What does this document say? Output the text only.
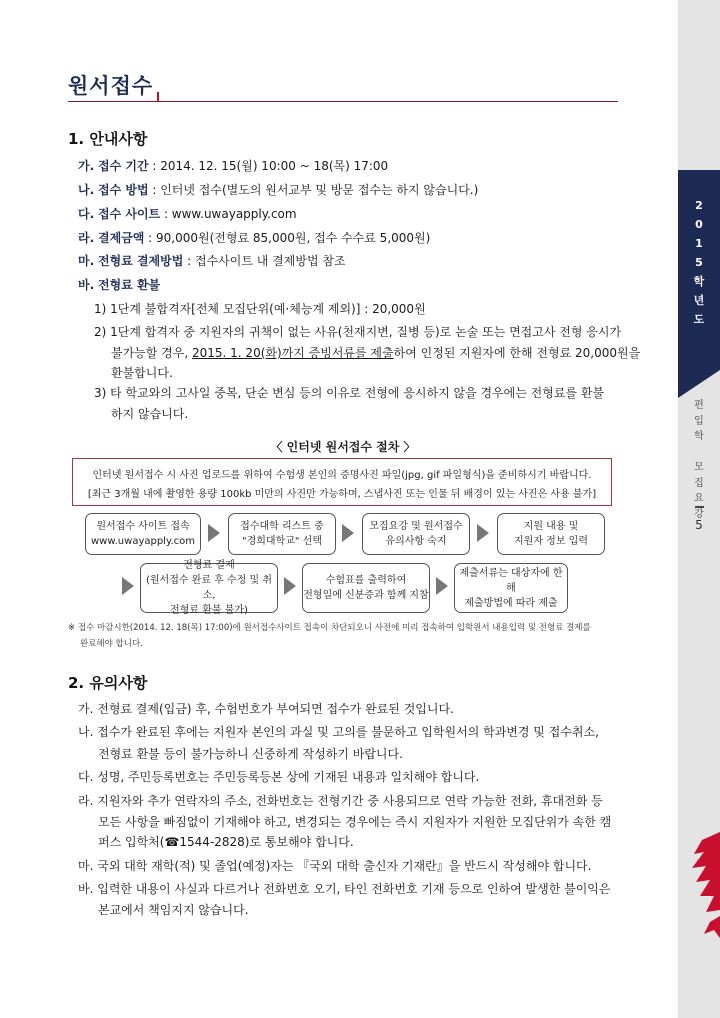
2
0
1
5
학
년
도
편
입
학

모
집
요
강
5
원서접수
1. 안내사항
가. 접수 기간 : 2014. 12. 15(월) 10:00 ~ 18(목) 17:00
나. 접수 방법 : 인터넷 접수(별도의 원서교부 및 방문 접수는 하지 않습니다.)
다. 접수 사이트 : www.uwayapply.com
라. 결제금액 : 90,000원(전형료 85,000원, 접수 수수료 5,000원)
마. 전형료 결제방법 : 접수사이트 내 결제방법 참조
바. 전형료 환불
1) 1단계 불합격자[전체 모집단위(예·체능계 제외)] : 20,000원
2) 1단계 합격자 중 지원자의 귀책이 없는 사유(천재지변, 질병 등)로 논술 또는 면접고사 전형 응시가
불가능할 경우, 2015. 1. 20(화)까지 증빙서류를 제출하여 인정된 지원자에 한해 전형료 20,000원을
환불합니다.
3) 타 학교와의 고사일 중복, 단순 변심 등의 이유로 전형에 응시하지 않을 경우에는 전형료를 환불
하지 않습니다.
〈 인터넷 원서접수 절차 〉
인터넷 원서접수 시 사진 업로드를 위하여 수험생 본인의 증명사진 파일(jpg, gif 파일형식)을 준비하시기 바랍니다.
[최근 3개월 내에 촬영한 용량 100kb 미만의 사진만 가능하며, 스냅사진 또는 인물 뒤 배경이 있는 사진은 사용 불가]
원서접수 사이트 접속
www.uwayapply.com
접수대학 리스트 중
"경희대학교" 선택
모집요강 및 원서접수
유의사항 숙지
지원 내용 및
지원자 정보 입력
전형료 결제
(원서접수 완료 후 수정 및 취소,
전형료 환불 불가)
수험표를 출력하여
전형일에 신분증과 함께 지참
제출서류는 대상자에 한해
제출방법에 따라 제출
※ 접수 마감시한(2014. 12. 18(목) 17:00)에 원서접수사이트 접속이 차단되오니 사전에 미리 접속하여 입학원서 내용입력 및 전형료 결제를
완료해야 합니다.
2. 유의사항
가. 전형료 결제(입금) 후, 수험번호가 부여되면 접수가 완료된 것입니다.
나. 접수가 완료된 후에는 지원자 본인의 과실 및 고의를 불문하고 입학원서의 학과변경 및 접수취소,
전형료 환불 등이 불가능하니 신중하게 작성하기 바랍니다.
다. 성명, 주민등록번호는 주민등록등본 상에 기재된 내용과 일치해야 합니다.
라. 지원자와 추가 연락자의 주소, 전화번호는 전형기간 중 사용되므로 연락 가능한 전화, 휴대전화 등
모든 사항을 빠짐없이 기재해야 하고, 변경되는 경우에는 즉시 지원자가 지원한 모집단위가 속한 캠
퍼스 입학처(☎1544-2828)로 통보해야 합니다.
마. 국외 대학 재학(적) 및 졸업(예정)자는 『국외 대학 출신자 기재란』을 반드시 작성해야 합니다.
바. 입력한 내용이 사실과 다르거나 전화번호 오기, 타인 전화번호 기재 등으로 인하여 발생한 불이익은
본교에서 책임지지 않습니다.
